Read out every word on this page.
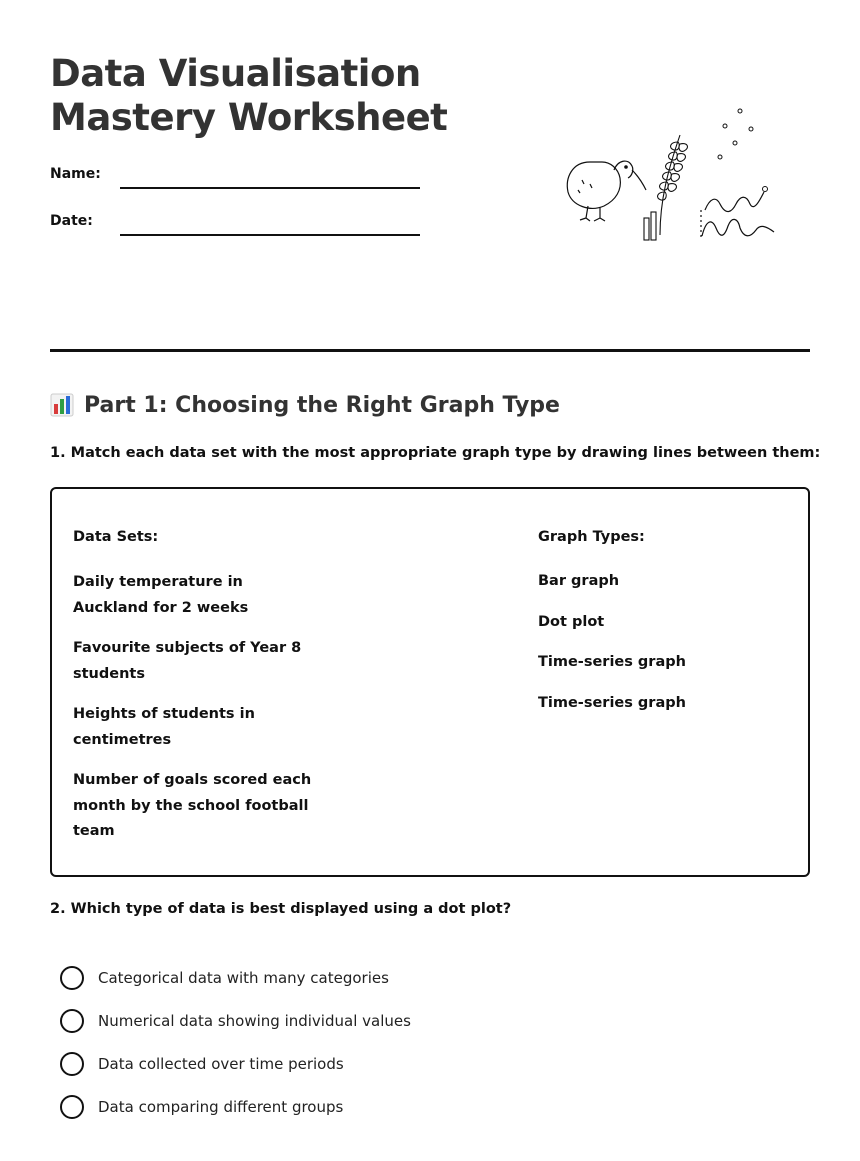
Data Visualisation Mastery Worksheet
Name:
Date:
Part 1: Choosing the Right Graph Type
1. Match each data set with the most appropriate graph type by drawing lines between them:
Data Sets:
Daily temperature in Auckland for 2 weeks
Favourite subjects of Year 8 students
Heights of students in centimetres
Number of goals scored each month by the school football team
Graph Types:
Bar graph
Dot plot
Time-series graph
Time-series graph
2. Which type of data is best displayed using a dot plot?
Categorical data with many categories
Numerical data showing individual values
Data collected over time periods
Data comparing different groups
